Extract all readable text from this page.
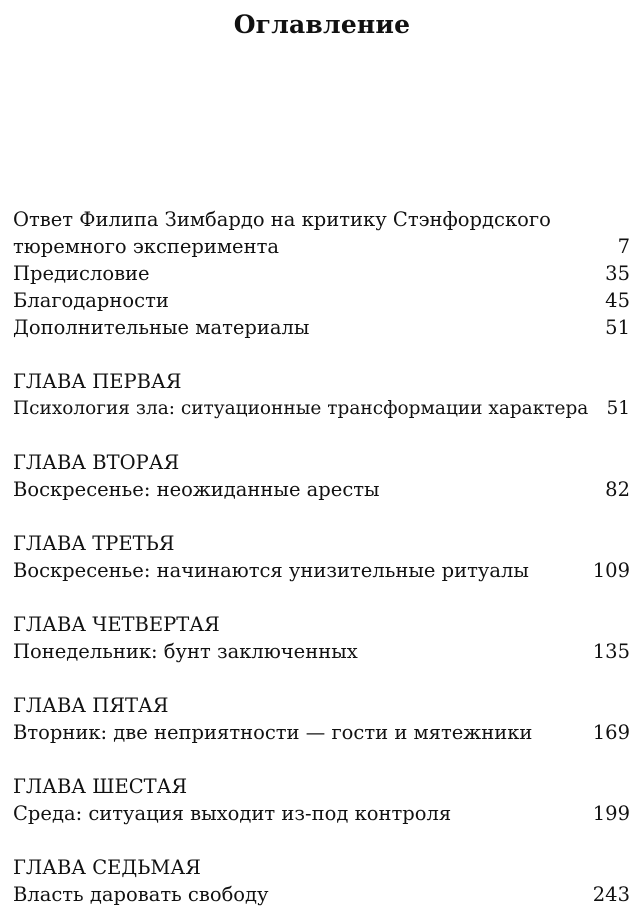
Оглавление
Ответ Филипа Зимбардо на критику Стэнфордского
тюремного эксперимента	7
Предисловие	35
Благодарности	45
Дополнительные материалы	51
ГЛАВА ПЕРВАЯ
Психология зла: ситуационные трансформации характера 51
ГЛАВА ВТОРАЯ
Воскресенье: неожиданные аресты	82
ГЛАВА ТРЕТЬЯ
Воскресенье: начинаются унизительные ритуалы	109
ГЛАВА ЧЕТВЕРТАЯ
Понедельник: бунт заключенных	135
ГЛАВА ПЯТАЯ
Вторник: две неприятности — гости и мятежники	169
ГЛАВА ШЕСТАЯ
Среда: ситуация выходит из-под контроля	199
ГЛАВА СЕДЬМАЯ
Власть даровать свободу	243
